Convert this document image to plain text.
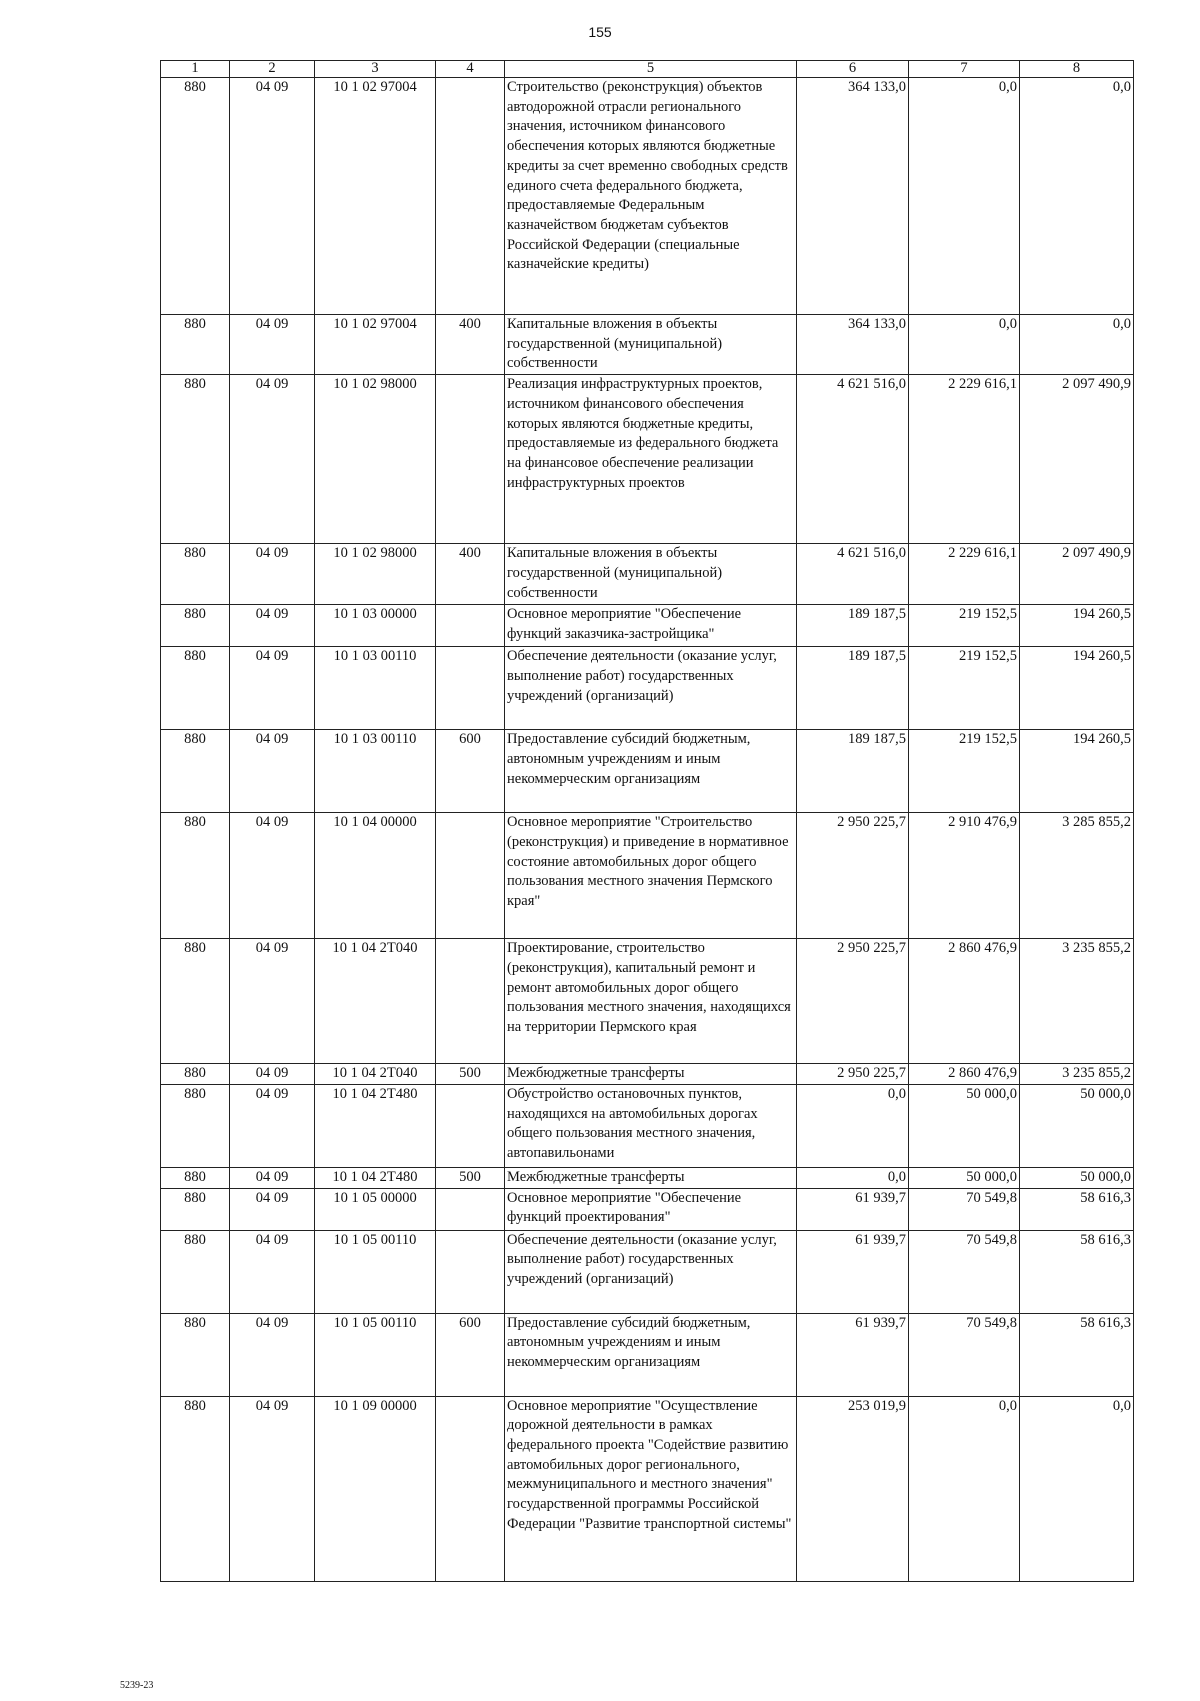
155
1	2	3	4	5	6	7	8
880	04 09	10 1 02 97004		Строительство (реконструкция) объектов автодорожной отрасли регионального значения, источником финансового обеспечения которых являются бюджетные кредиты за счет временно свободных средств единого счета федерального бюджета, предоставляемые Федеральным казначейством бюджетам субъектов Российской Федерации (специальные казначейские кредиты)	364 133,0	0,0	0,0
880	04 09	10 1 02 97004	400	Капитальные вложения в объекты государственной (муниципальной) собственности	364 133,0	0,0	0,0
880	04 09	10 1 02 98000		Реализация инфраструктурных проектов, источником финансового обеспечения которых являются бюджетные кредиты, предоставляемые из федерального бюджета на финансовое обеспечение реализации инфраструктурных проектов	4 621 516,0	2 229 616,1	2 097 490,9
880	04 09	10 1 02 98000	400	Капитальные вложения в объекты государственной (муниципальной) собственности	4 621 516,0	2 229 616,1	2 097 490,9
880	04 09	10 1 03 00000		Основное мероприятие "Обеспечение функций заказчика-застройщика"	189 187,5	219 152,5	194 260,5
880	04 09	10 1 03 00110		Обеспечение деятельности (оказание услуг, выполнение работ) государственных учреждений (организаций)	189 187,5	219 152,5	194 260,5
880	04 09	10 1 03 00110	600	Предоставление субсидий бюджетным, автономным учреждениям и иным некоммерческим организациям	189 187,5	219 152,5	194 260,5
880	04 09	10 1 04 00000		Основное мероприятие "Строительство (реконструкция) и приведение в нормативное состояние автомобильных дорог общего пользования местного значения Пермского края"	2 950 225,7	2 910 476,9	3 285 855,2
880	04 09	10 1 04 2Т040		Проектирование, строительство (реконструкция), капитальный ремонт и ремонт автомобильных дорог общего пользования местного значения, находящихся на территории Пермского края	2 950 225,7	2 860 476,9	3 235 855,2
880	04 09	10 1 04 2Т040	500	Межбюджетные трансферты	2 950 225,7	2 860 476,9	3 235 855,2
880	04 09	10 1 04 2Т480		Обустройство остановочных пунктов, находящихся на автомобильных дорогах общего пользования местного значения, автопавильонами	0,0	50 000,0	50 000,0
880	04 09	10 1 04 2Т480	500	Межбюджетные трансферты	0,0	50 000,0	50 000,0
880	04 09	10 1 05 00000		Основное мероприятие "Обеспечение функций проектирования"	61 939,7	70 549,8	58 616,3
880	04 09	10 1 05 00110		Обеспечение деятельности (оказание услуг, выполнение работ) государственных учреждений (организаций)	61 939,7	70 549,8	58 616,3
880	04 09	10 1 05 00110	600	Предоставление субсидий бюджетным, автономным учреждениям и иным некоммерческим организациям	61 939,7	70 549,8	58 616,3
880	04 09	10 1 09 00000		Основное мероприятие "Осуществление дорожной деятельности в рамках федерального проекта "Содействие развитию автомобильных дорог регионального, межмуниципального и местного значения" государственной программы Российской Федерации "Развитие транспортной системы"	253 019,9	0,0	0,0
5239-23
